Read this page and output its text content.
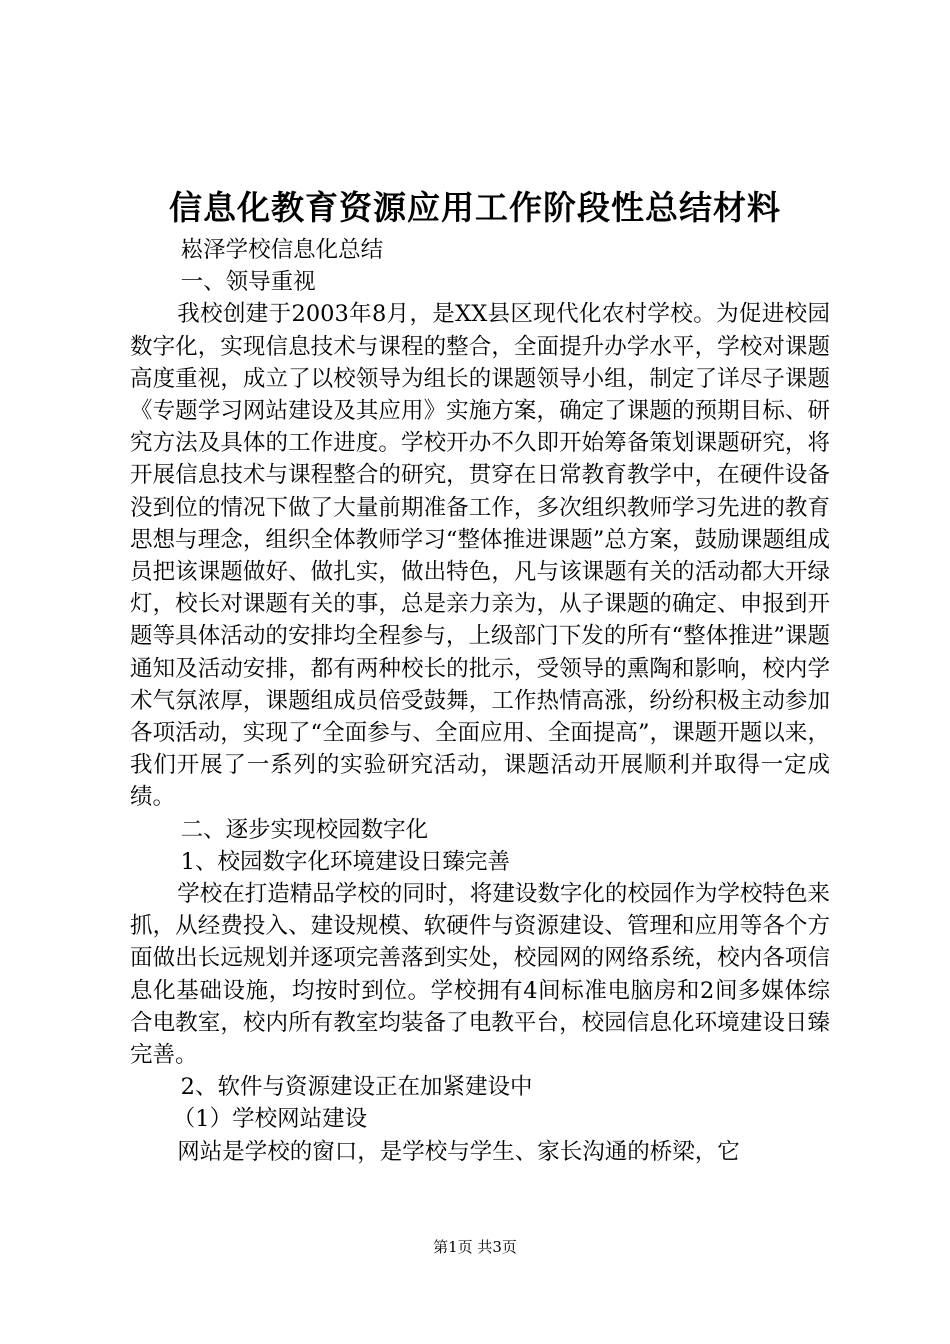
信息化教育资源应用工作阶段性总结材料

崧泽学校信息化总结

一、领导重视

我校创建于2003年8月，是XX县区现代化农村学校。为促进校园数字化，实现信息技术与课程的整合，全面提升办学水平，学校对课题高度重视，成立了以校领导为组长的课题领导小组，制定了详尽子课题《专题学习网站建设及其应用》实施方案，确定了课题的预期目标、研究方法及具体的工作进度。学校开办不久即开始筹备策划课题研究，将开展信息技术与课程整合的研究，贯穿在日常教育教学中，在硬件设备没到位的情况下做了大量前期准备工作，多次组织教师学习先进的教育思想与理念，组织全体教师学习“整体推进课题”总方案，鼓励课题组成员把该课题做好、做扎实，做出特色，凡与该课题有关的活动都大开绿灯，校长对课题有关的事，总是亲力亲为，从子课题的确定、申报到开题等具体活动的安排均全程参与，上级部门下发的所有“整体推进”课题通知及活动安排，都有两种校长的批示，受领导的熏陶和影响，校内学术气氛浓厚，课题组成员倍受鼓舞，工作热情高涨，纷纷积极主动参加各项活动，实现了“全面参与、全面应用、全面提高”，课题开题以来，我们开展了一系列的实验研究活动，课题活动开展顺利并取得一定成绩。

二、逐步实现校园数字化

1、校园数字化环境建设日臻完善

学校在打造精品学校的同时，将建设数字化的校园作为学校特色来抓，从经费投入、建设规模、软硬件与资源建设、管理和应用等各个方面做出长远规划并逐项完善落到实处，校园网的网络系统，校内各项信息化基础设施，均按时到位。学校拥有4间标准电脑房和2间多媒体综合电教室，校内所有教室均装备了电教平台，校园信息化环境建设日臻完善。

2、软件与资源建设正在加紧建设中

（1）学校网站建设

网站是学校的窗口，是学校与学生、家长沟通的桥梁，它

第1页 共3页
